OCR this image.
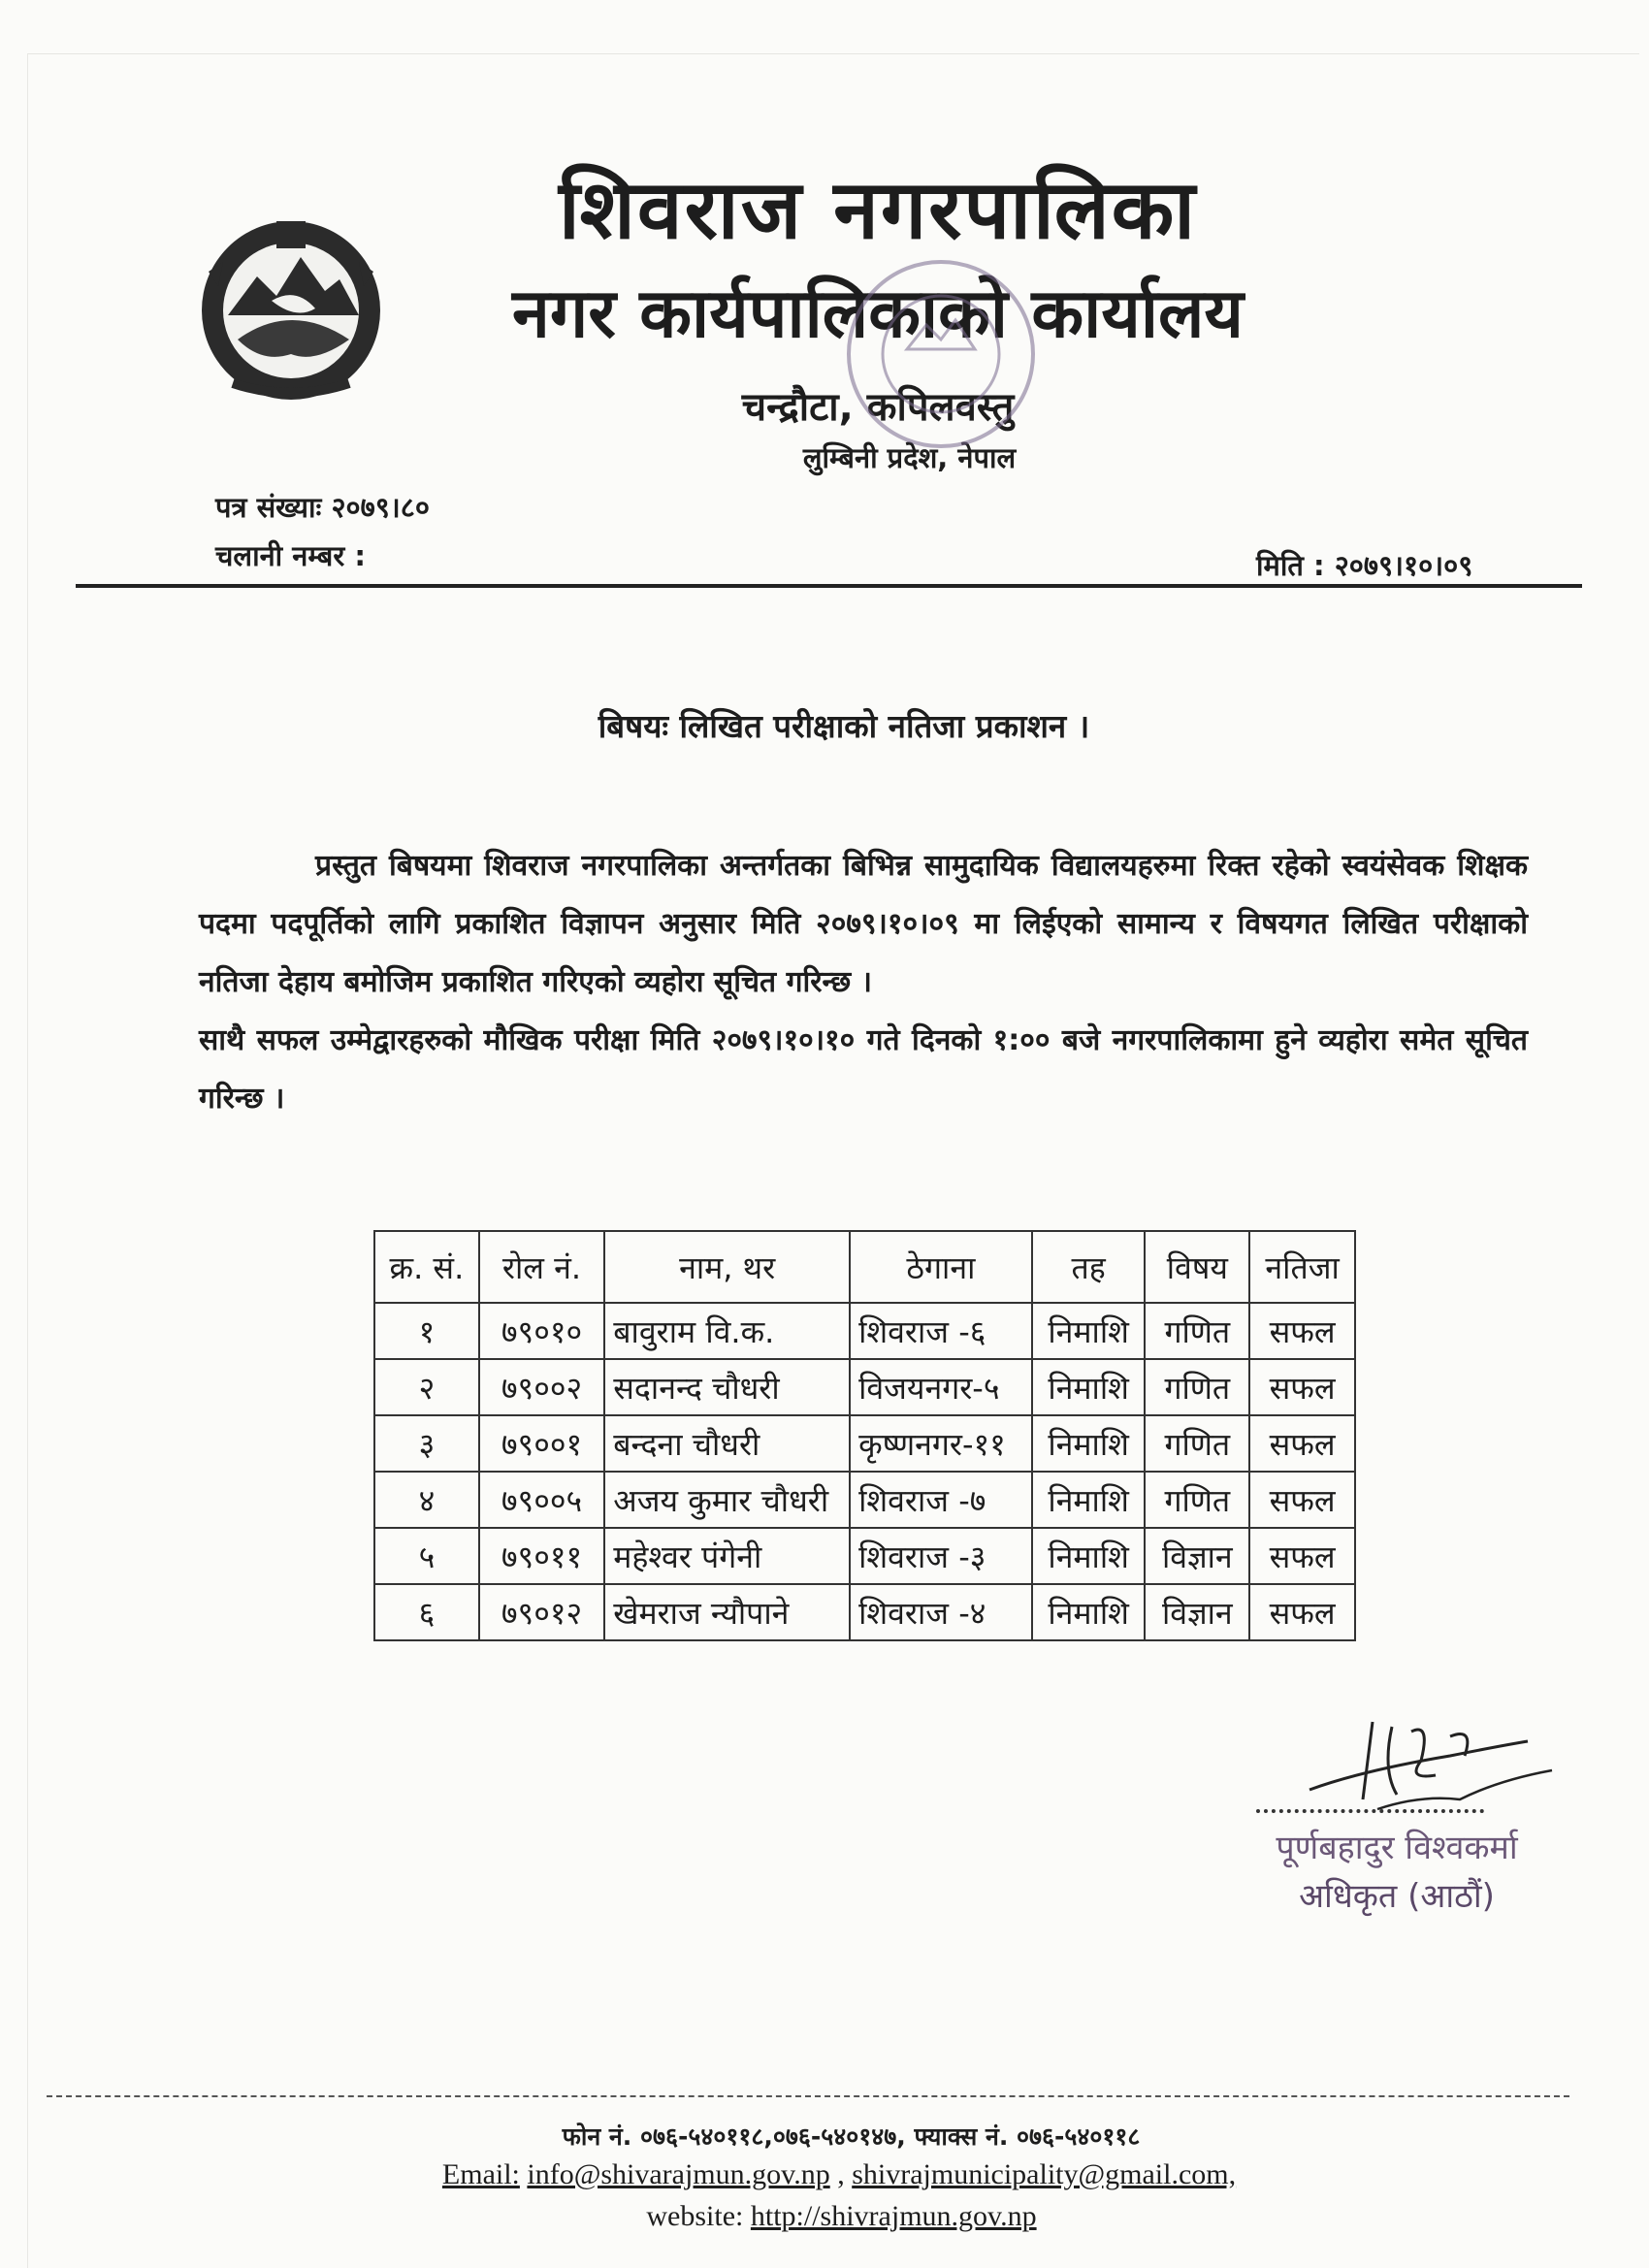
शिवराज नगरपालिका
नगर कार्यपालिकाको कार्यालय
चन्द्रौटा, कपिलवस्तु
लुम्बिनी प्रदेश, नेपाल
पत्र संख्याः २०७९।८०
चलानी नम्बर :	मिति : २०७९।१०।०९
बिषयः लिखित परीक्षाको नतिजा प्रकाशन ।
प्रस्तुत बिषयमा शिवराज नगरपालिका अन्तर्गतका बिभिन्न सामुदायिक विद्यालयहरुमा रिक्त रहेको स्वयंसेवक शिक्षक पदमा पदपूर्तिको लागि प्रकाशित विज्ञापन अनुसार मिति २०७९।१०।०९ मा लिईएको सामान्य र विषयगत लिखित परीक्षाको नतिजा देहाय बमोजिम प्रकाशित गरिएको व्यहोरा सूचित गरिन्छ ।
साथै सफल उम्मेद्वारहरुको मौखिक परीक्षा मिति २०७९।१०।१० गते दिनको १:०० बजे नगरपालिकामा हुने व्यहोरा समेत सूचित गरिन्छ ।
क्र. सं.	रोल नं.	नाम, थर	ठेगाना	तह	विषय	नतिजा
१	७९०१०	बावुराम वि.क.	शिवराज -६	निमाशि	गणित	सफल
२	७९००२	सदानन्द चौधरी	विजयनगर-५	निमाशि	गणित	सफल
३	७९००१	बन्दना चौधरी	कृष्णनगर-११	निमाशि	गणित	सफल
४	७९००५	अजय कुमार चौधरी	शिवराज -७	निमाशि	गणित	सफल
५	७९०११	महेश्वर पंगेनी	शिवराज -३	निमाशि	विज्ञान	सफल
६	७९०१२	खेमराज न्यौपाने	शिवराज -४	निमाशि	विज्ञान	सफल
पूर्णबहादुर विश्वकर्मा
अधिकृत (आठौं)
फोन नं. ०७६-५४०११८,०७६-५४०१४७, फ्याक्स नं. ०७६-५४०११८
Email: info@shivarajmun.gov.np , shivrajmunicipality@gmail.com,
website: http://shivrajmun.gov.np
